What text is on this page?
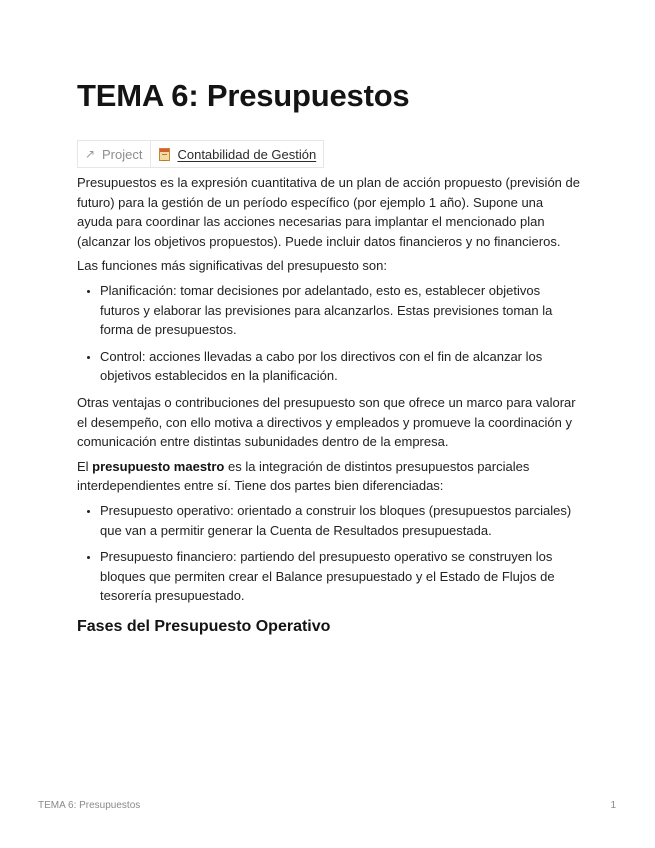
TEMA 6: Presupuestos
↗ Project	Contabilidad de Gestión

Presupuestos es la expresión cuantitativa de un plan de acción propuesto (previsión de futuro) para la gestión de un período específico (por ejemplo 1 año). Supone una ayuda para coordinar las acciones necesarias para implantar el mencionado plan (alcanzar los objetivos propuestos). Puede incluir datos financieros y no financieros.

Las funciones más significativas del presupuesto son:

• Planificación: tomar decisiones por adelantado, esto es, establecer objetivos futuros y elaborar las previsiones para alcanzarlos. Estas previsiones toman la forma de presupuestos.
• Control: acciones llevadas a cabo por los directivos con el fin de alcanzar los objetivos establecidos en la planificación.

Otras ventajas o contribuciones del presupuesto son que ofrece un marco para valorar el desempeño, con ello motiva a directivos y empleados y promueve la coordinación y comunicación entre distintas subunidades dentro de la empresa.

El presupuesto maestro es la integración de distintos presupuestos parciales interdependientes entre sí. Tiene dos partes bien diferenciadas:

• Presupuesto operativo: orientado a construir los bloques (presupuestos parciales) que van a permitir generar la Cuenta de Resultados presupuestada.
• Presupuesto financiero: partiendo del presupuesto operativo se construyen los bloques que permiten crear el Balance presupuestado y el Estado de Flujos de tesorería presupuestado.
Fases del Presupuesto Operativo
TEMA 6: Presupuestos	1
